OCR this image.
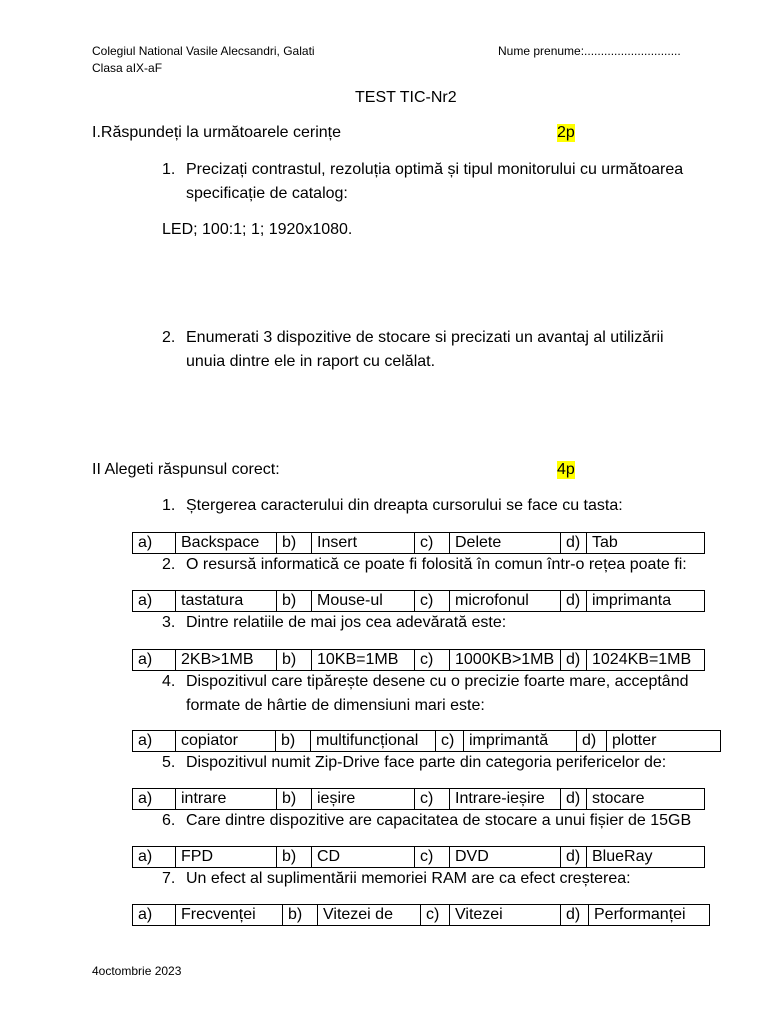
Colegiul National Vasile Alecsandri, Galati
Clasa aIX-aF
Nume prenume:.............................
TEST TIC-Nr2
I.Răspundeți la următoarele cerințe	2p
1. Precizați contrastul, rezoluția optimă și tipul monitorului cu următoarea specificație de catalog:
LED; 100:1; 1; 1920x1080.
2. Enumerati 3 dispozitive de stocare si precizati un avantaj al utilizării unuia dintre ele in raport cu celălat.
II Alegeti răspunsul corect:	4p
1. Ștergerea caracterului din dreapta cursorului se face cu tasta:
a)	Backspace	b)	Insert	c)	Delete	d)	Tab
2. O resursă informatică ce poate fi folosită în comun într-o rețea poate fi:
a)	tastatura	b)	Mouse-ul	c)	microfonul	d)	imprimanta
3. Dintre relatiile de mai jos cea adevărată este:
a)	2KB>1MB	b)	10KB=1MB	c)	1000KB>1MB	d)	1024KB=1MB
4. Dispozitivul care tipărește desene cu o precizie foarte mare, acceptând formate de hârtie de dimensiuni mari este:
a)	copiator	b)	multifuncțional	c)	imprimantă	d)	plotter
5. Dispozitivul numit Zip-Drive face parte din categoria perifericelor de:
a)	intrare	b)	ieșire	c)	Intrare-ieșire	d)	stocare
6. Care dintre dispozitive are capacitatea de stocare a unui fișier de 15GB
a)	FPD	b)	CD	c)	DVD	d)	BlueRay
7. Un efect al suplimentării memoriei RAM are ca efect creșterea:
a)	Frecvenței	b)	Vitezei de	c)	Vitezei	d)	Performanței
4octombrie 2023
